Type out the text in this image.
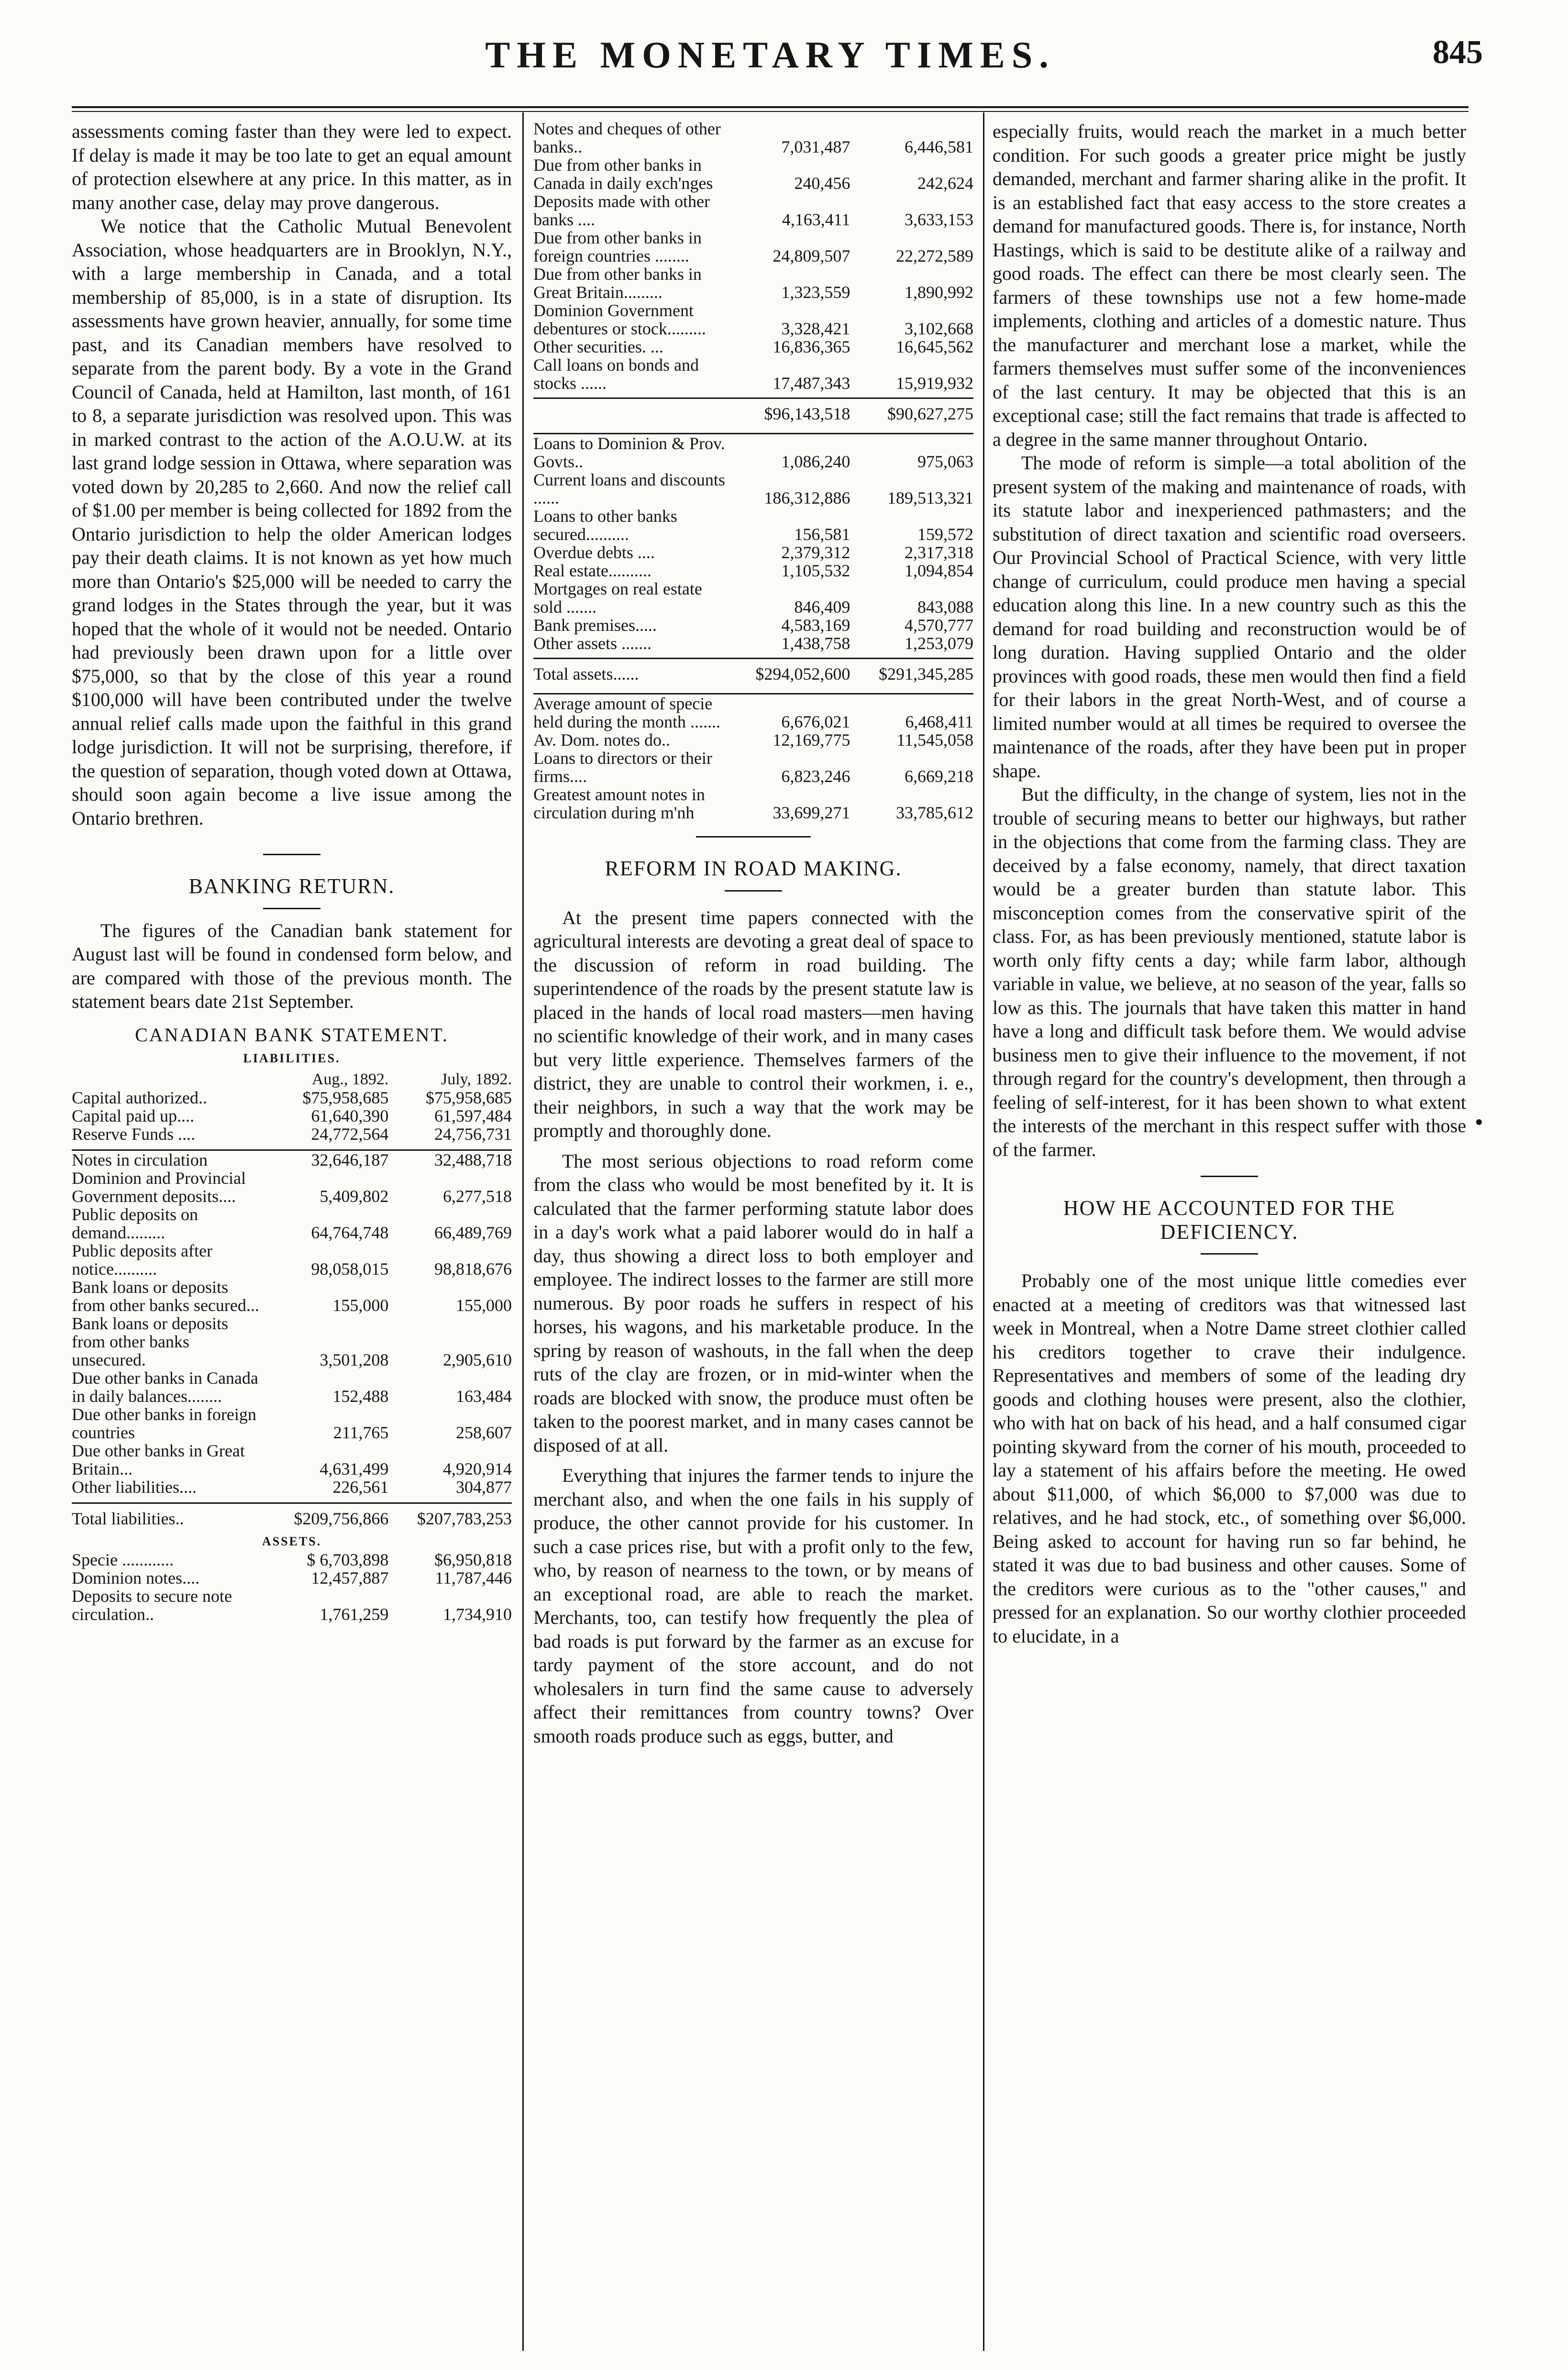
THE MONETARY TIMES.	845

assessments coming faster than they were led to expect. If delay is made it may be too late to get an equal amount of protection elsewhere at any price. In this matter, as in many another case, delay may prove dangerous.

We notice that the Catholic Mutual Benevolent Association, whose headquarters are in Brooklyn, N.Y., with a large membership in Canada, and a total membership of 85,000, is in a state of disruption. Its assessments have grown heavier, annually, for some time past, and its Canadian members have resolved to separate from the parent body. By a vote in the Grand Council of Canada, held at Hamilton, last month, of 161 to 8, a separate jurisdiction was resolved upon. This was in marked contrast to the action of the A.O.U.W. at its last grand lodge session in Ottawa, where separation was voted down by 20,285 to 2,660. And now the relief call of $1.00 per member is being collected for 1892 from the Ontario jurisdiction to help the older American lodges pay their death claims. It is not known as yet how much more than Ontario's $25,000 will be needed to carry the grand lodges in the States through the year, but it was hoped that the whole of it would not be needed. Ontario had previously been drawn upon for a little over $75,000, so that by the close of this year a round $100,000 will have been contributed under the twelve annual relief calls made upon the faithful in this grand lodge jurisdiction. It will not be surprising, therefore, if the question of separation, though voted down at Ottawa, should soon again become a live issue among the Ontario brethren.

BANKING RETURN.

The figures of the Canadian bank statement for August last will be found in condensed form below, and are compared with those of the previous month. The statement bears date 21st September.

CANADIAN BANK STATEMENT.

LIABILITIES.

	Aug., 1892.	July, 1892.
Capital authorized..	$75,958,685	$75,958,685
Capital paid up....	61,640,390	61,597,484
Reserve Funds ....	24,772,564	24,756,731

Notes in circulation	32,646,187	32,488,718
Dominion and Provincial Government deposits....	5,409,802	6,277,518
Public deposits on demand.........	64,764,748	66,489,769
Public deposits after notice..........	98,058,015	98,818,676
Bank loans or deposits from other banks secured...	155,000	155,000
Bank loans or deposits from other banks unsecured.	3,501,208	2,905,610
Due other banks in Canada in daily balances........	152,488	163,484
Due other banks in foreign countries	211,765	258,607
Due other banks in Great Britain...	4,631,499	4,920,914
Other liabilities....	226,561	304,877

Total liabilities..	$209,756,866	$207,783,253
ASSETS.		
Specie ............	$ 6,703,898	$6,950,818
Dominion notes....	12,457,887	11,787,446
Deposits to secure note circulation..	1,761,259	1,734,910
Notes and cheques of other banks..	7,031,487	6,446,581
Due from other banks in Canada in daily exch'nges	240,456	242,624
Deposits made with other banks ....	4,163,411	3,633,153
Due from other banks in foreign countries ........	24,809,507	22,272,589
Due from other banks in Great Britain.........	1,323,559	1,890,992
Dominion Government debentures or stock.........	3,328,421	3,102,668
Other securities. ...	16,836,365	16,645,562
Call loans on bonds and stocks ......	17,487,343	15,919,932

	$96,143,518	$90,627,275

Loans to Dominion & Prov. Govts..	1,086,240	975,063
Current loans and discounts ......	186,312,886	189,513,321
Loans to other banks secured..........	156,581	159,572
Overdue debts ....	2,379,312	2,317,318
Real estate..........	1,105,532	1,094,854
Mortgages on real estate sold .......	846,409	843,088
Bank premises.....	4,583,169	4,570,777
Other assets .......	1,438,758	1,253,079

Total assets......	$294,052,600	$291,345,285

Average amount of specie held during the month .......	6,676,021	6,468,411
Av. Dom. notes do..	12,169,775	11,545,058
Loans to directors or their firms....	6,823,246	6,669,218
Greatest amount notes in circulation during m'nh	33,699,271	33,785,612

REFORM IN ROAD MAKING.

At the present time papers connected with the agricultural interests are devoting a great deal of space to the discussion of reform in road building. The superintendence of the roads by the present statute law is placed in the hands of local road masters—men having no scientific knowledge of their work, and in many cases but very little experience. Themselves farmers of the district, they are unable to control their workmen, i. e., their neighbors, in such a way that the work may be promptly and thoroughly done.

The most serious objections to road reform come from the class who would be most benefited by it. It is calculated that the farmer performing statute labor does in a day's work what a paid laborer would do in half a day, thus showing a direct loss to both employer and employee. The indirect losses to the farmer are still more numerous. By poor roads he suffers in respect of his horses, his wagons, and his marketable produce. In the spring by reason of washouts, in the fall when the deep ruts of the clay are frozen, or in mid-winter when the roads are blocked with snow, the produce must often be taken to the poorest market, and in many cases cannot be disposed of at all.

Everything that injures the farmer tends to injure the merchant also, and when the one fails in his supply of produce, the other cannot provide for his customer. In such a case prices rise, but with a profit only to the few, who, by reason of nearness to the town, or by means of an exceptional road, are able to reach the market. Merchants, too, can testify how frequently the plea of bad roads is put forward by the farmer as an excuse for tardy payment of the store account, and do not wholesalers in turn find the same cause to adversely affect their remittances from country towns? Over smooth roads produce such as eggs, butter, and

especially fruits, would reach the market in a much better condition. For such goods a greater price might be justly demanded, merchant and farmer sharing alike in the profit. It is an established fact that easy access to the store creates a demand for manufactured goods. There is, for instance, North Hastings, which is said to be destitute alike of a railway and good roads. The effect can there be most clearly seen. The farmers of these townships use not a few home-made implements, clothing and articles of a domestic nature. Thus the manufacturer and merchant lose a market, while the farmers themselves must suffer some of the inconveniences of the last century. It may be objected that this is an exceptional case; still the fact remains that trade is affected to a degree in the same manner throughout Ontario.

The mode of reform is simple—a total abolition of the present system of the making and maintenance of roads, with its statute labor and inexperienced pathmasters; and the substitution of direct taxation and scientific road overseers. Our Provincial School of Practical Science, with very little change of curriculum, could produce men having a special education along this line. In a new country such as this the demand for road building and reconstruction would be of long duration. Having supplied Ontario and the older provinces with good roads, these men would then find a field for their labors in the great North-West, and of course a limited number would at all times be required to oversee the maintenance of the roads, after they have been put in proper shape.

But the difficulty, in the change of system, lies not in the trouble of securing means to better our highways, but rather in the objections that come from the farming class. They are deceived by a false economy, namely, that direct taxation would be a greater burden than statute labor. This misconception comes from the conservative spirit of the class. For, as has been previously mentioned, statute labor is worth only fifty cents a day; while farm labor, although variable in value, we believe, at no season of the year, falls so low as this. The journals that have taken this matter in hand have a long and difficult task before them. We would advise business men to give their influence to the movement, if not through regard for the country's development, then through a feeling of self-interest, for it has been shown to what extent the interests of the merchant in this respect suffer with those of the farmer.

HOW HE ACCOUNTED FOR THE DEFICIENCY.

Probably one of the most unique little comedies ever enacted at a meeting of creditors was that witnessed last week in Montreal, when a Notre Dame street clothier called his creditors together to crave their indulgence. Representatives and members of some of the leading dry goods and clothing houses were present, also the clothier, who with hat on back of his head, and a half consumed cigar pointing skyward from the corner of his mouth, proceeded to lay a statement of his affairs before the meeting. He owed about $11,000, of which $6,000 to $7,000 was due to relatives, and he had stock, etc., of something over $6,000. Being asked to account for having run so far behind, he stated it was due to bad business and other causes. Some of the creditors were curious as to the "other causes," and pressed for an explanation. So our worthy clothier proceeded to elucidate, in a
